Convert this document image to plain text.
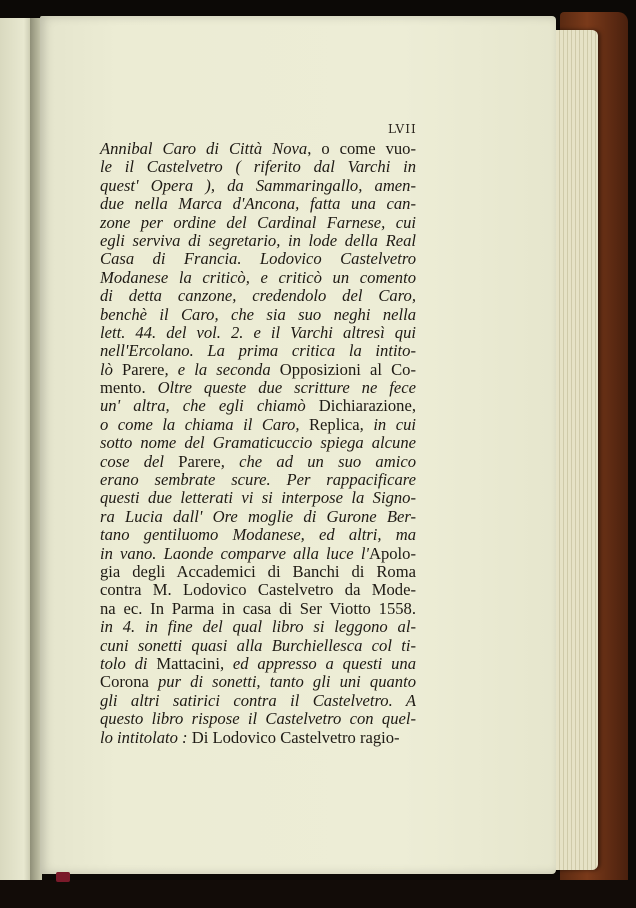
LVII
Annibal Caro di Città Nova, o come vuo-
le il Castelvetro ( riferito dal Varchi in
quest' Opera ), da Sammaringallo, amen-
due nella Marca d'Ancona, fatta una can-
zone per ordine del Cardinal Farnese, cui
egli serviva di segretario, in lode della Real
Casa di Francia. Lodovico Castelvetro
Modanese la criticò, e criticò un comento
di detta canzone, credendolo del Caro,
benchè il Caro, che sia suo neghi nella
lett. 44. del vol. 2. e il Varchi altresì qui
nell'Ercolano. La prima critica la intito-
lò Parere, e la seconda Opposizioni al Co-
mento. Oltre queste due scritture ne fece
un' altra, che egli chiamò Dichiarazione,
o come la chiama il Caro, Replica, in cui
sotto nome del Gramaticuccio spiega alcune
cose del Parere, che ad un suo amico
erano sembrate scure. Per rappacificare
questi due letterati vi si interpose la Signo-
ra Lucia dall' Ore moglie di Gurone Ber-
tano gentiluomo Modanese, ed altri, ma
in vano. Laonde comparve alla luce l'Apolo-
gia degli Accademici di Banchi di Roma
contra M. Lodovico Castelvetro da Mode-
na ec. In Parma in casa di Ser Viotto 1558.
in 4. in fine del qual libro si leggono al-
cuni sonetti quasi alla Burchiellesca col ti-
tolo di Mattacini, ed appresso a questi una
Corona pur di sonetti, tanto gli uni quanto
gli altri satirici contra il Castelvetro. A
questo libro rispose il Castelvetro con quel-
lo intitolato : Di Lodovico Castelvetro ragio-
